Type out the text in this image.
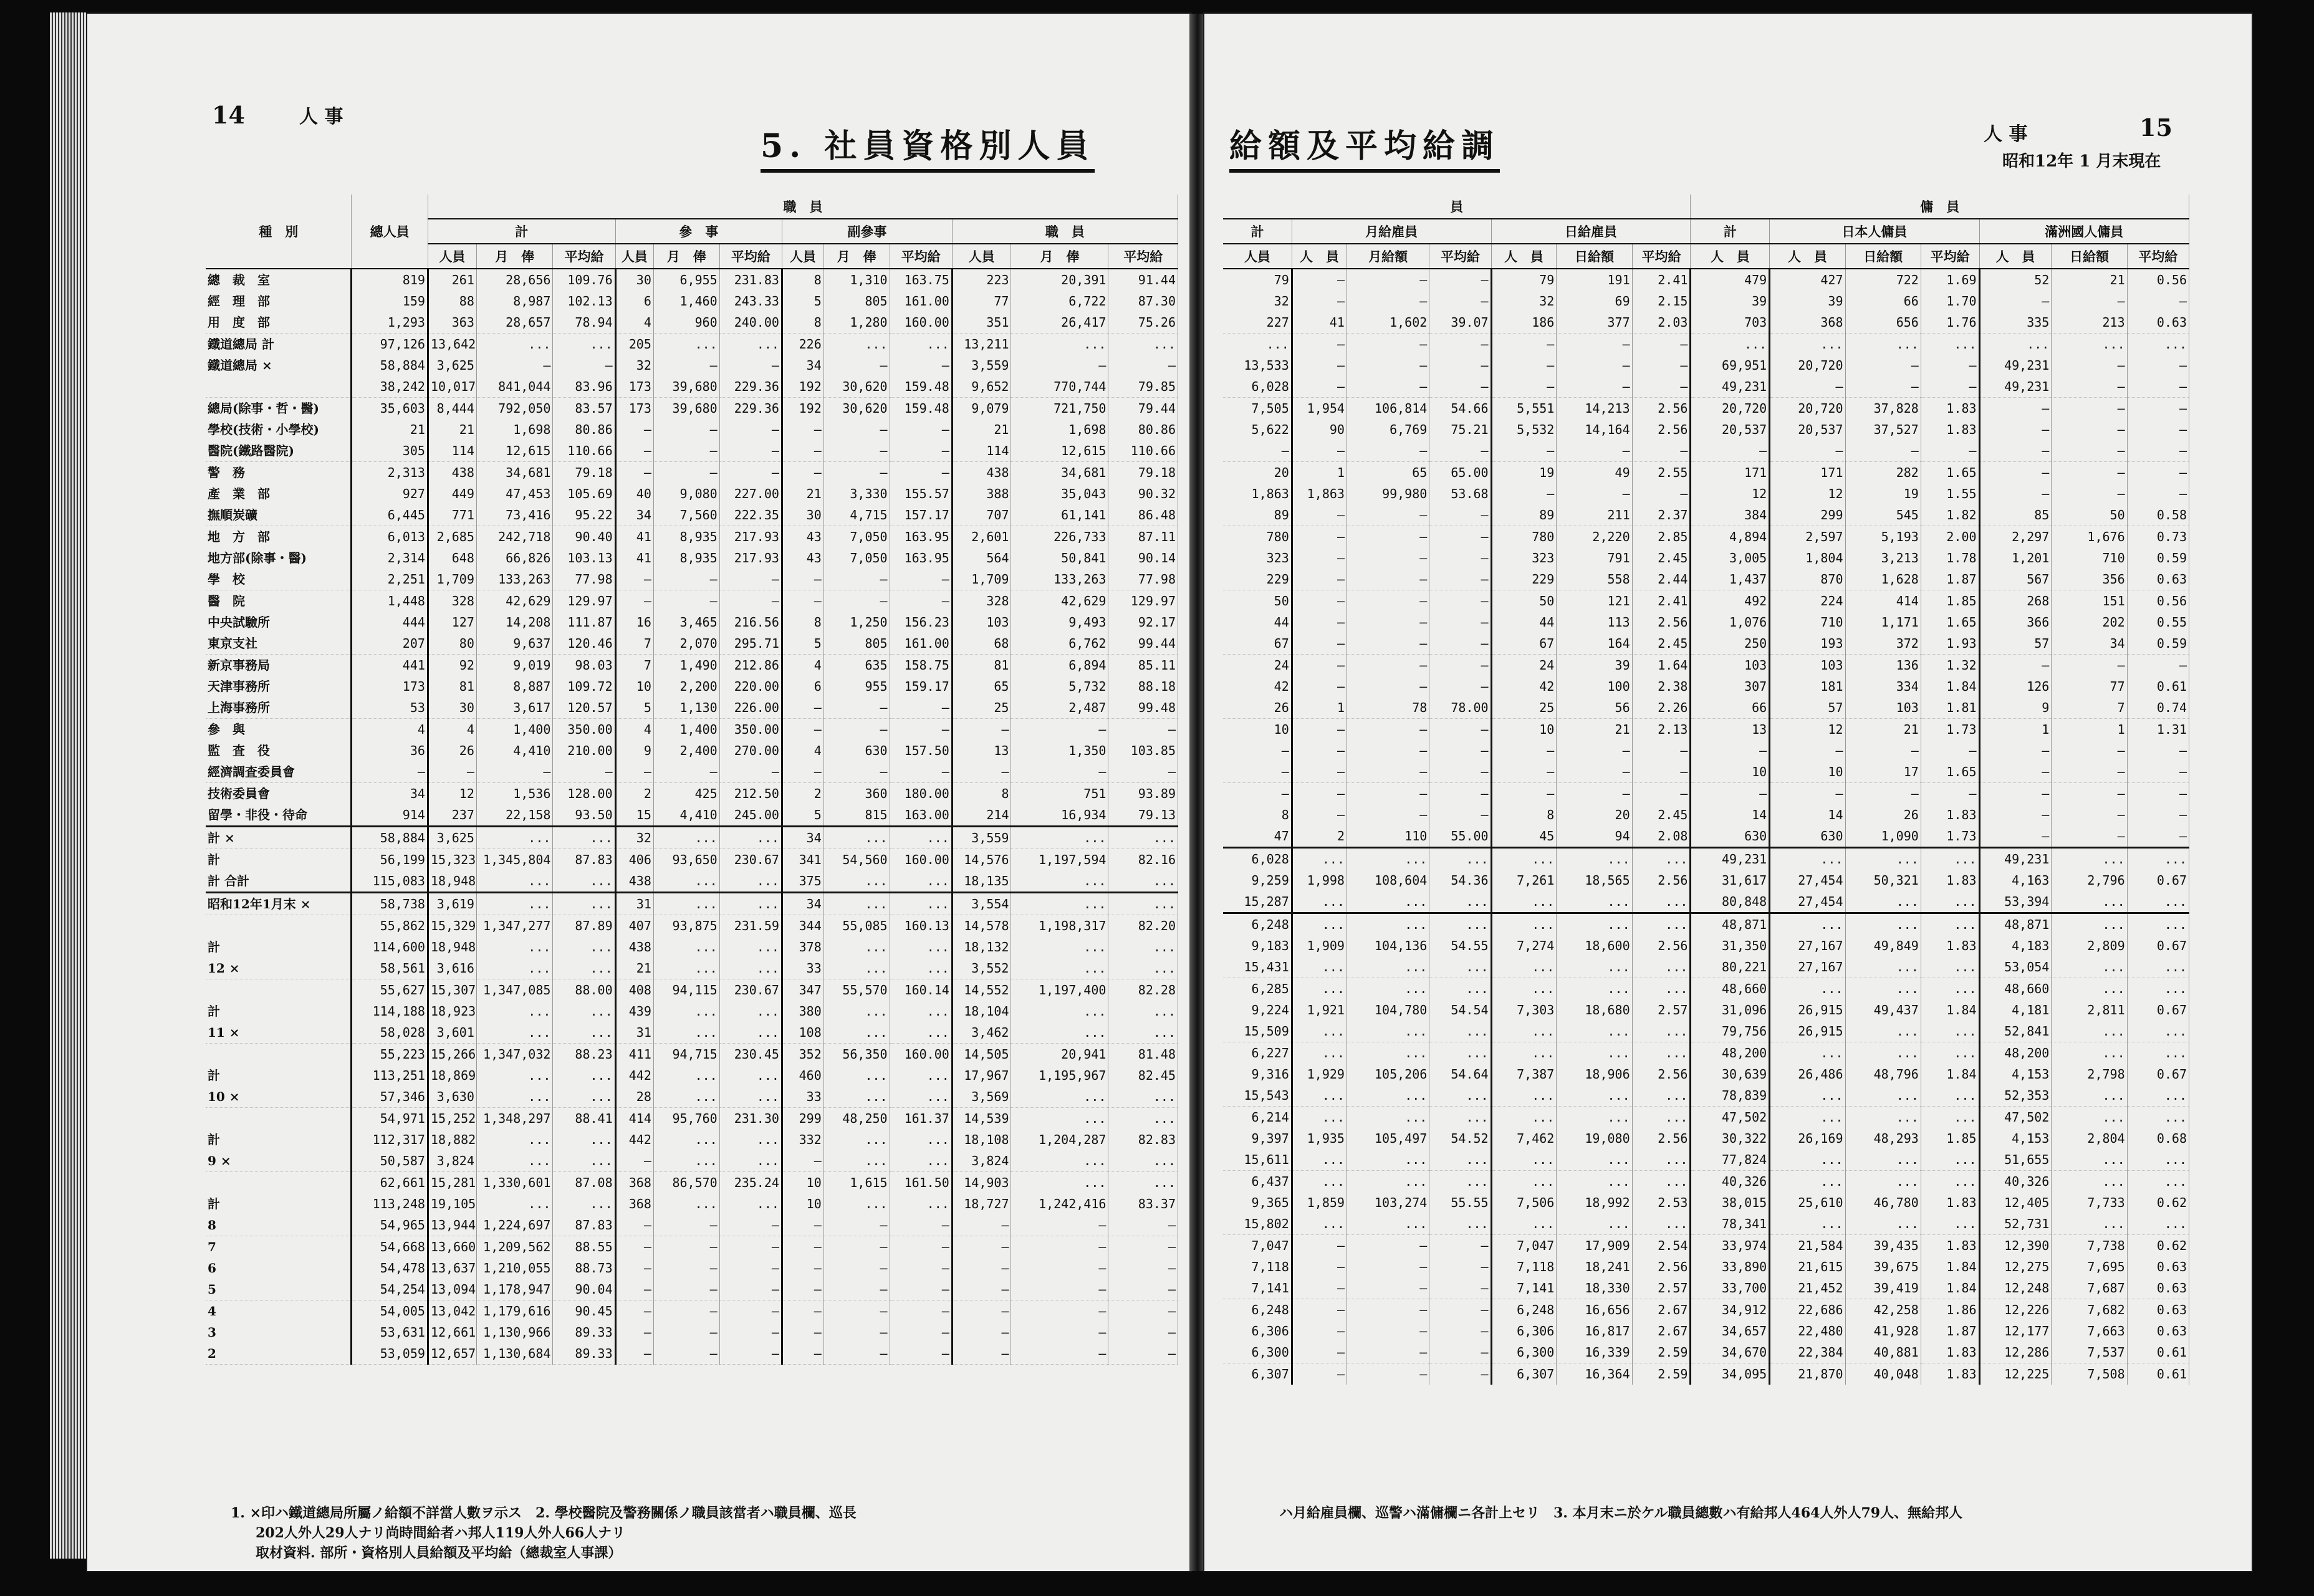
14	人 事
5. 社員資格別人員
種　別	總人員	職　員											
		計			參　事			副參事			職　員		
		人員	月　俸	平均給	人員	月　俸	平均給	人員	月　俸	平均給	人員	月　俸	平均給
總　裁　室	819	261	28,656	109.76	30	6,955	231.83	8	1,310	163.75	223	20,391	91.44
經　理　部	159	88	8,987	102.13	6	1,460	243.33	5	805	161.00	77	6,722	87.30
用　度　部	1,293	363	28,657	78.94	4	960	240.00	8	1,280	160.00	351	26,417	75.26
鐵道總局 計	97,126	13,642	...	...	205	...	...	226	...	...	13,211	...	...
鐵道總局 ×	58,884	3,625	—	—	32	—	—	34	—	—	3,559	—	—
	38,242	10,017	841,044	83.96	173	39,680	229.36	192	30,620	159.48	9,652	770,744	79.85
總局(除事・哲・醫)	35,603	8,444	792,050	83.57	173	39,680	229.36	192	30,620	159.48	9,079	721,750	79.44
學校(技術・小學校)	21	21	1,698	80.86	—	—	—	—	—	—	21	1,698	80.86
醫院(鐵路醫院)	305	114	12,615	110.66	—	—	—	—	—	—	114	12,615	110.66
警　務	2,313	438	34,681	79.18	—	—	—	—	—	—	438	34,681	79.18
產　業　部	927	449	47,453	105.69	40	9,080	227.00	21	3,330	155.57	388	35,043	90.32
撫順炭礦	6,445	771	73,416	95.22	34	7,560	222.35	30	4,715	157.17	707	61,141	86.48
地　方　部	6,013	2,685	242,718	90.40	41	8,935	217.93	43	7,050	163.95	2,601	226,733	87.11
地方部(除事・醫)	2,314	648	66,826	103.13	41	8,935	217.93	43	7,050	163.95	564	50,841	90.14
學　校	2,251	1,709	133,263	77.98	—	—	—	—	—	—	1,709	133,263	77.98
醫　院	1,448	328	42,629	129.97	—	—	—	—	—	—	328	42,629	129.97
中央試驗所	444	127	14,208	111.87	16	3,465	216.56	8	1,250	156.23	103	9,493	92.17
東京支社	207	80	9,637	120.46	7	2,070	295.71	5	805	161.00	68	6,762	99.44
新京事務局	441	92	9,019	98.03	7	1,490	212.86	4	635	158.75	81	6,894	85.11
天津事務所	173	81	8,887	109.72	10	2,200	220.00	6	955	159.17	65	5,732	88.18
上海事務所	53	30	3,617	120.57	5	1,130	226.00	—	—	—	25	2,487	99.48
參　與	4	4	1,400	350.00	4	1,400	350.00	—	—	—	—	—	—
監　査　役	36	26	4,410	210.00	9	2,400	270.00	4	630	157.50	13	1,350	103.85
經濟調査委員會	—	—	—	—	—	—	—	—	—	—	—	—	—
技術委員會	34	12	1,536	128.00	2	425	212.50	2	360	180.00	8	751	93.89
留學・非役・待命	914	237	22,158	93.50	15	4,410	245.00	5	815	163.00	214	16,934	79.13
計 ×	58,884	3,625	...	...	32	...	...	34	...	...	3,559	...	...
計	56,199	15,323	1,345,804	87.83	406	93,650	230.67	341	54,560	160.00	14,576	1,197,594	82.16
計 合計	115,083	18,948	...	...	438	...	...	375	...	...	18,135	...	...
昭和12年1月末 ×	58,738	3,619	...	...	31	...	...	34	...	...	3,554	...	...
	55,862	15,329	1,347,277	87.89	407	93,875	231.59	344	55,085	160.13	14,578	1,198,317	82.20
計	114,600	18,948	...	...	438	...	...	378	...	...	18,132	...	...
12 ×	58,561	3,616	...	...	21	...	...	33	...	...	3,552	...	...
	55,627	15,307	1,347,085	88.00	408	94,115	230.67	347	55,570	160.14	14,552	1,197,400	82.28
計	114,188	18,923	...	...	439	...	...	380	...	...	18,104	...	...
11 ×	58,028	3,601	...	...	31	...	...	108	...	...	3,462	...	...
	55,223	15,266	1,347,032	88.23	411	94,715	230.45	352	56,350	160.00	14,505	20,941	81.48
計	113,251	18,869	...	...	442	...	...	460	...	...	17,967	1,195,967	82.45
10 ×	57,346	3,630	...	...	28	...	...	33	...	...	3,569	...	...
	54,971	15,252	1,348,297	88.41	414	95,760	231.30	299	48,250	161.37	14,539	...	...
計	112,317	18,882	...	...	442	...	...	332	...	...	18,108	1,204,287	82.83
9 ×	50,587	3,824	...	...	—	...	...	—	...	...	3,824	...	...
	62,661	15,281	1,330,601	87.08	368	86,570	235.24	10	1,615	161.50	14,903	...	...
計	113,248	19,105	...	...	368	...	...	10	...	...	18,727	1,242,416	83.37
8	54,965	13,944	1,224,697	87.83	—	—	—	—	—	—	—	—	—
7	54,668	13,660	1,209,562	88.55	—	—	—	—	—	—	—	—	—
6	54,478	13,637	1,210,055	88.73	—	—	—	—	—	—	—	—	—
5	54,254	13,094	1,178,947	90.04	—	—	—	—	—	—	—	—	—
4	54,005	13,042	1,179,616	90.45	—	—	—	—	—	—	—	—	—
3	53,631	12,661	1,130,966	89.33	—	—	—	—	—	—	—	—	—
2	53,059	12,657	1,130,684	89.33	—	—	—	—	—	—	—	—	—
1. ×印ハ鐵道總局所屬ノ給額不詳當人數ヲ示ス　2. 學校醫院及警務關係ノ職員該當者ハ職員欄、巡長
202人外人29人ナリ尚時間給者ハ邦人119人外人66人ナリ
取材資料. 部所・資格別人員給額及平均給（總裁室人事課）
給額及平均給調	人 事	15
昭和12年 1 月末現在
員							傭　員						
計	月給雇員			日給雇員			計	日本人傭員			滿洲國人傭員		
人員	人　員	月給額	平均給	人　員	日給額	平均給	人　員	人　員	日給額	平均給	人　員	日給額	平均給
79	—	—	—	79	191	2.41	479	427	722	1.69	52	21	0.56
32	—	—	—	32	69	2.15	39	39	66	1.70	—	—	—
227	41	1,602	39.07	186	377	2.03	703	368	656	1.76	335	213	0.63
...	—	—	—	—	—	—	...	...	...	...	...	...	...
13,533	—	—	—	—	—	—	69,951	20,720	—	—	49,231	—	—
6,028	—	—	—	—	—	—	49,231	—	—	—	49,231	—	—
7,505	1,954	106,814	54.66	5,551	14,213	2.56	20,720	20,720	37,828	1.83	—	—	—
5,622	90	6,769	75.21	5,532	14,164	2.56	20,537	20,537	37,527	1.83	—	—	—
—	—	—	—	—	—	—	—	—	—	—	—	—	—
20	1	65	65.00	19	49	2.55	171	171	282	1.65	—	—	—
1,863	1,863	99,980	53.68	—	—	—	12	12	19	1.55	—	—	—
89	—	—	—	89	211	2.37	384	299	545	1.82	85	50	0.58
780	—	—	—	780	2,220	2.85	4,894	2,597	5,193	2.00	2,297	1,676	0.73
323	—	—	—	323	791	2.45	3,005	1,804	3,213	1.78	1,201	710	0.59
229	—	—	—	229	558	2.44	1,437	870	1,628	1.87	567	356	0.63
50	—	—	—	50	121	2.41	492	224	414	1.85	268	151	0.56
44	—	—	—	44	113	2.56	1,076	710	1,171	1.65	366	202	0.55
67	—	—	—	67	164	2.45	250	193	372	1.93	57	34	0.59
24	—	—	—	24	39	1.64	103	103	136	1.32	—	—	—
42	—	—	—	42	100	2.38	307	181	334	1.84	126	77	0.61
26	1	78	78.00	25	56	2.26	66	57	103	1.81	9	7	0.74
10	—	—	—	10	21	2.13	13	12	21	1.73	1	1	1.31
—	—	—	—	—	—	—	—	—	—	—	—	—	—
—	—	—	—	—	—	—	10	10	17	1.65	—	—	—
—	—	—	—	—	—	—	—	—	—	—	—	—	—
8	—	—	—	8	20	2.45	14	14	26	1.83	—	—	—
47	2	110	55.00	45	94	2.08	630	630	1,090	1.73	—	—	—
6,028	...	...	...	...	...	...	49,231	...	...	...	49,231	...	...
9,259	1,998	108,604	54.36	7,261	18,565	2.56	31,617	27,454	50,321	1.83	4,163	2,796	0.67
15,287	...	...	...	...	...	...	80,848	27,454	...	...	53,394	...	...
6,248	...	...	...	...	...	...	48,871	...	...	...	48,871	...	...
9,183	1,909	104,136	54.55	7,274	18,600	2.56	31,350	27,167	49,849	1.83	4,183	2,809	0.67
15,431	...	...	...	...	...	...	80,221	27,167	...	...	53,054	...	...
6,285	...	...	...	...	...	...	48,660	...	...	...	48,660	...	...
9,224	1,921	104,780	54.54	7,303	18,680	2.57	31,096	26,915	49,437	1.84	4,181	2,811	0.67
15,509	...	...	...	...	...	...	79,756	26,915	...	...	52,841	...	...
6,227	...	...	...	...	...	...	48,200	...	...	...	48,200	...	...
9,316	1,929	105,206	54.64	7,387	18,906	2.56	30,639	26,486	48,796	1.84	4,153	2,798	0.67
15,543	...	...	...	...	...	...	78,839	...	...	...	52,353	...	...
6,214	...	...	...	...	...	...	47,502	...	...	...	47,502	...	...
9,397	1,935	105,497	54.52	7,462	19,080	2.56	30,322	26,169	48,293	1.85	4,153	2,804	0.68
15,611	...	...	...	...	...	...	77,824	...	...	...	51,655	...	...
6,437	...	...	...	...	...	...	40,326	...	...	...	40,326	...	...
9,365	1,859	103,274	55.55	7,506	18,992	2.53	38,015	25,610	46,780	1.83	12,405	7,733	0.62
15,802	...	...	...	...	...	...	78,341	...	...	...	52,731	...	...
7,047	—	—	—	7,047	17,909	2.54	33,974	21,584	39,435	1.83	12,390	7,738	0.62
7,118	—	—	—	7,118	18,241	2.56	33,890	21,615	39,675	1.84	12,275	7,695	0.63
7,141	—	—	—	7,141	18,330	2.57	33,700	21,452	39,419	1.84	12,248	7,687	0.63
6,248	—	—	—	6,248	16,656	2.67	34,912	22,686	42,258	1.86	12,226	7,682	0.63
6,306	—	—	—	6,306	16,817	2.67	34,657	22,480	41,928	1.87	12,177	7,663	0.63
6,300	—	—	—	6,300	16,339	2.59	34,670	22,384	40,881	1.83	12,286	7,537	0.61
6,307	—	—	—	6,307	16,364	2.59	34,095	21,870	40,048	1.83	12,225	7,508	0.61
ハ月給雇員欄、巡警ハ滿傭欄ニ各計上セリ　3. 本月末ニ於ケル職員總數ハ有給邦人464人外人79人、無給邦人
